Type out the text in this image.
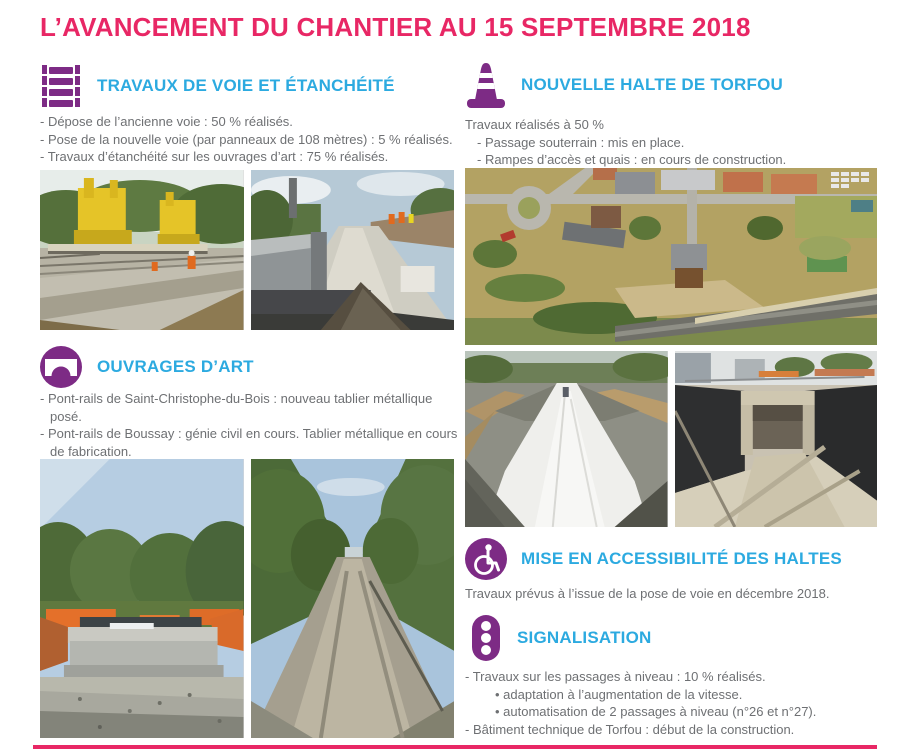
L’AVANCEMENT DU CHANTIER AU 15 SEPTEMBRE 2018
TRAVAUX DE VOIE ET ÉTANCHÉITÉ
- Dépose de l’ancienne voie : 50 % réalisés.
- Pose de la nouvelle voie (par panneaux de 108 mètres) : 5 % réalisés.
- Travaux d’étanchéité sur les ouvrages d’art : 75 % réalisés.
OUVRAGES D’ART
- Pont-rails de Saint-Christophe-du-Bois : nouveau tablier métallique posé.
- Pont-rails de Boussay : génie civil en cours. Tablier métallique en cours de fabrication.
NOUVELLE HALTE DE TORFOU
Travaux réalisés à 50 %
- Passage souterrain : mis en place.
- Rampes d’accès et quais : en cours de construction.
MISE EN ACCESSIBILITÉ DES HALTES
Travaux prévus à l’issue de la pose de voie en décembre 2018.
SIGNALISATION
- Travaux sur les passages à niveau : 10 % réalisés.
• adaptation à l’augmentation de la vitesse.
• automatisation de 2 passages à niveau (n°26 et n°27).
- Bâtiment technique de Torfou : début de la construction.
